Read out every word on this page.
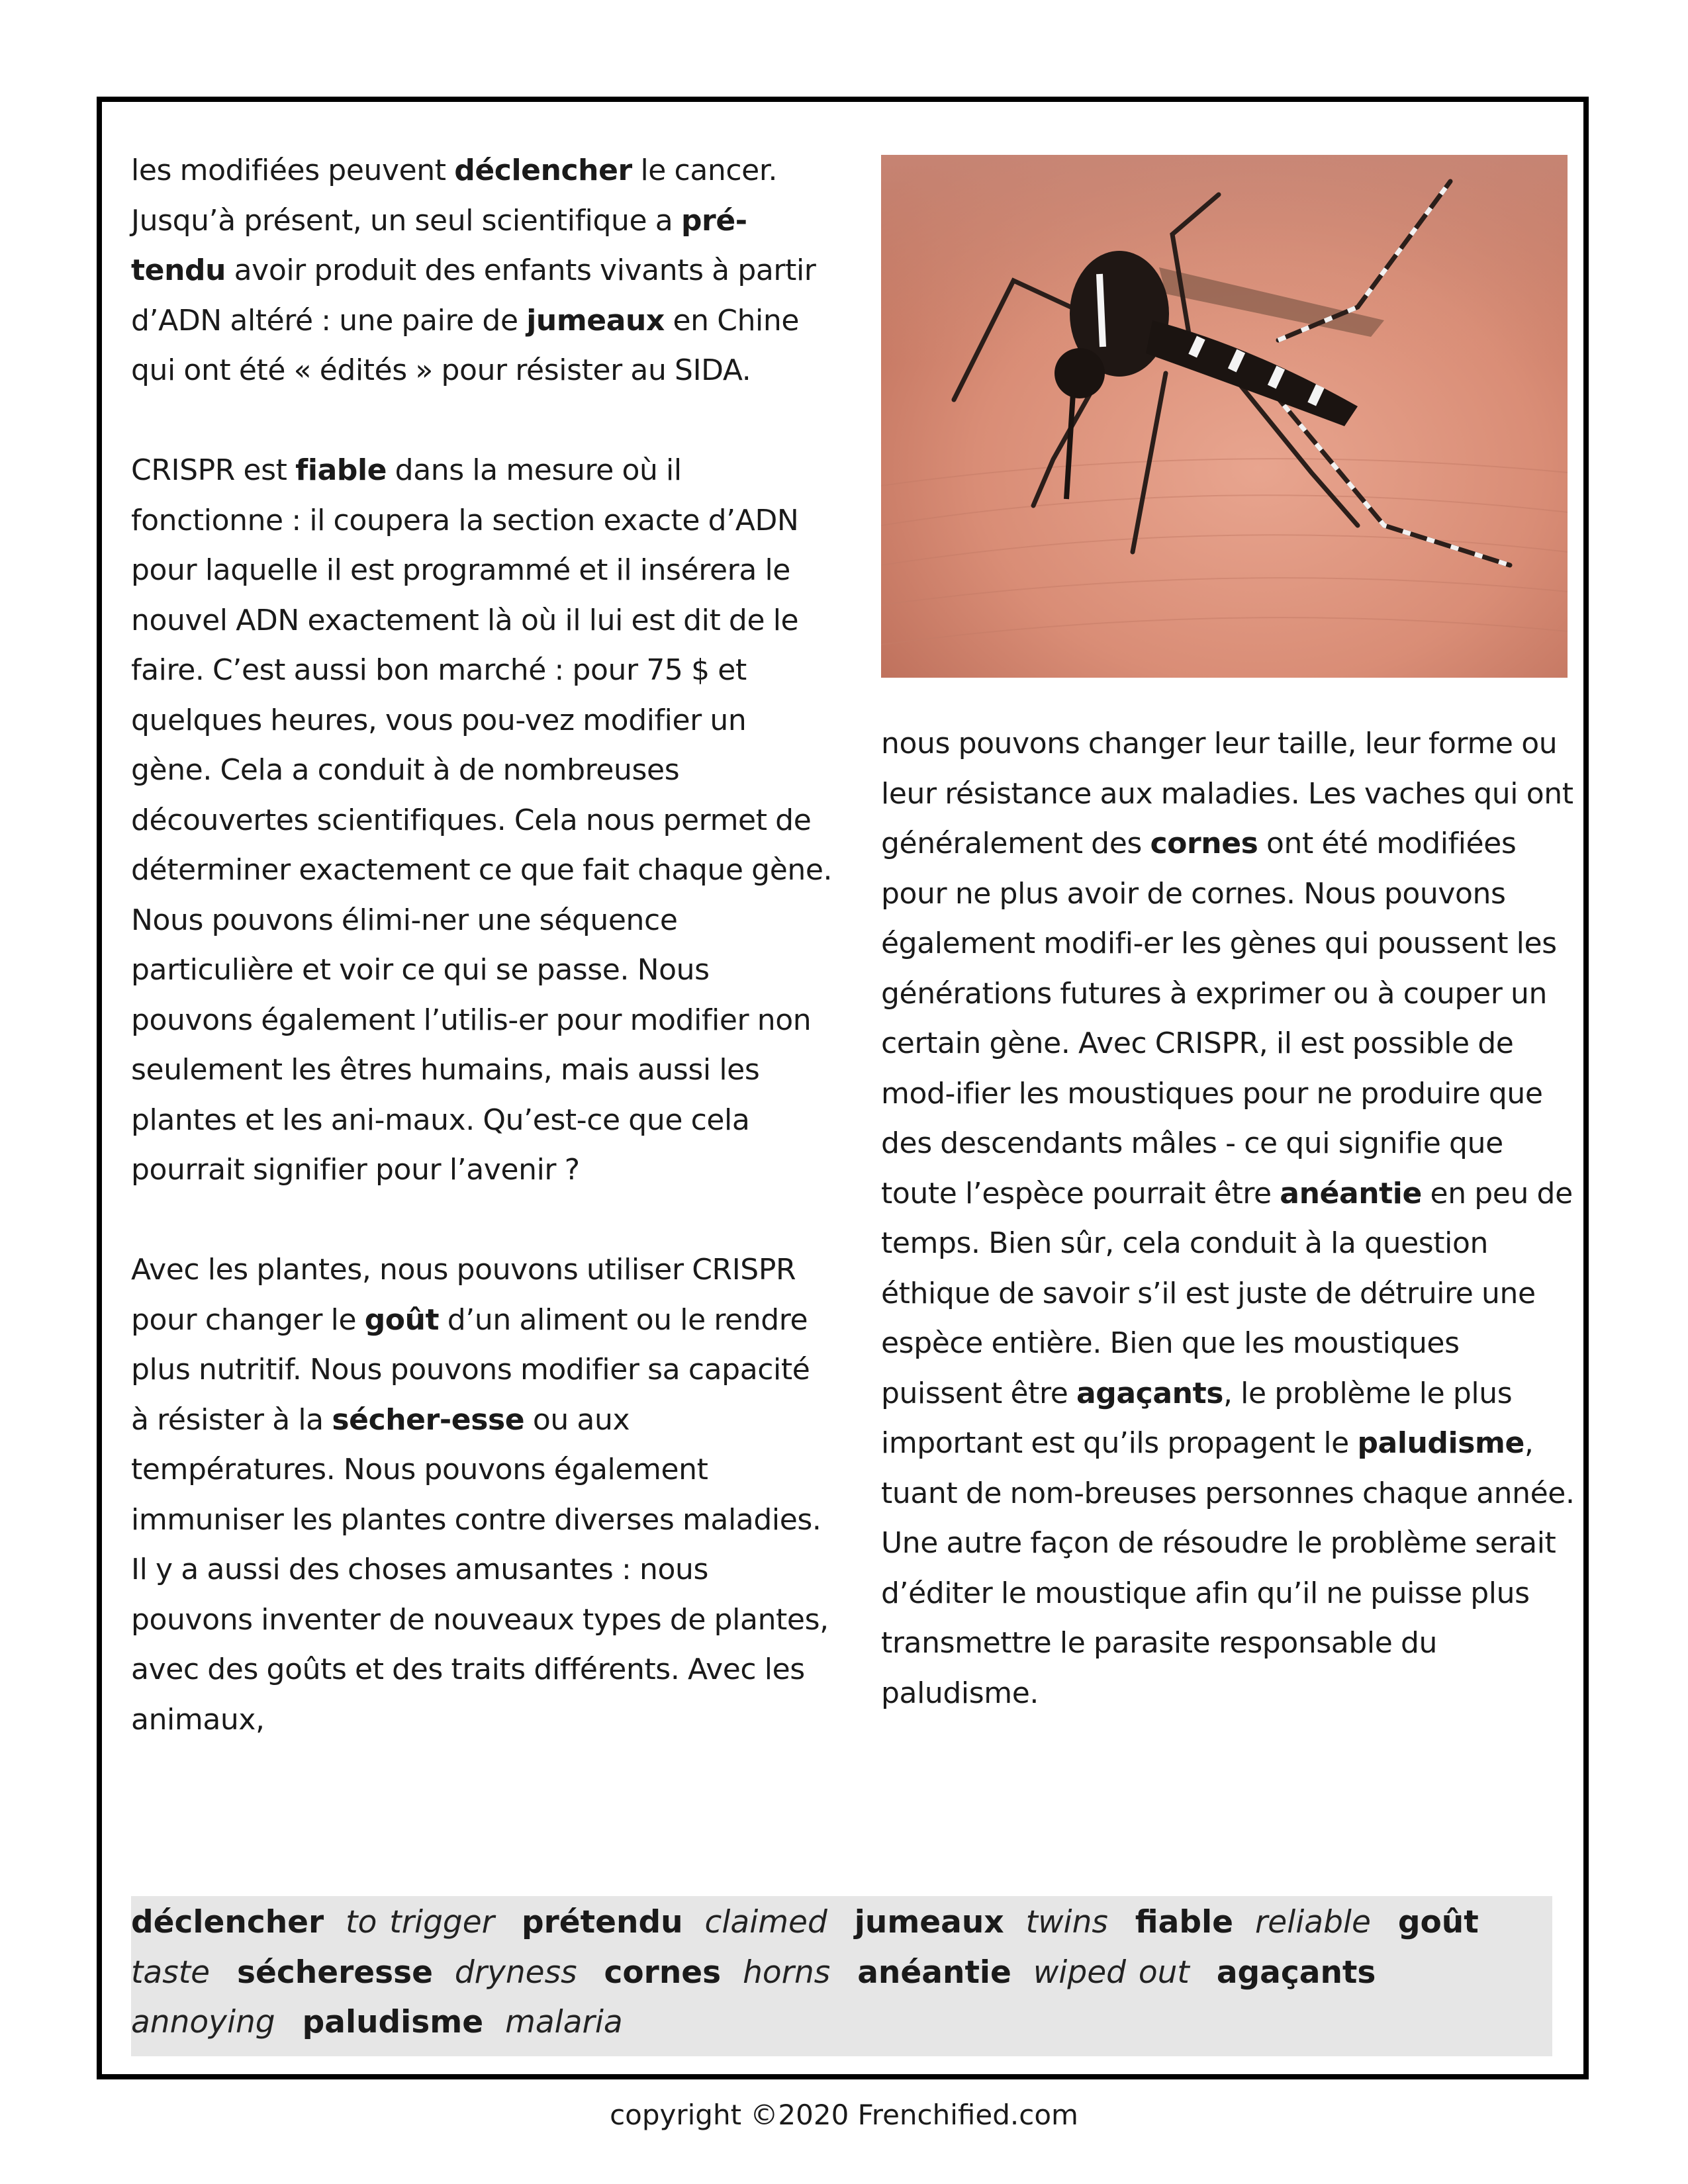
les modifiées peuvent déclencher le cancer. Jusqu’à présent, un seul scientifique a pré-tendu avoir produit des enfants vivants à partir d’ADN altéré : une paire de jumeaux en Chine qui ont été « édités » pour résister au SIDA.

CRISPR est fiable dans la mesure où il fonctionne : il coupera la section exacte d’ADN pour laquelle il est programmé et il insérera le nouvel ADN exactement là où il lui est dit de le faire. C’est aussi bon marché : pour 75 $ et quelques heures, vous pou-vez modifier un gène. Cela a conduit à de nombreuses découvertes scientifiques. Cela nous permet de déterminer exactement ce que fait chaque gène. Nous pouvons élimi-ner une séquence particulière et voir ce qui se passe. Nous pouvons également l’utilis-er pour modifier non seulement les êtres humains, mais aussi les plantes et les ani-maux. Qu’est-ce que cela pourrait signifier pour l’avenir ?

Avec les plantes, nous pouvons utiliser CRISPR pour changer le goût d’un aliment ou le rendre plus nutritif. Nous pouvons modifier sa capacité à résister à la sécher-esse ou aux températures. Nous pouvons également immuniser les plantes contre diverses maladies. Il y a aussi des choses amusantes : nous pouvons inventer de nouveaux types de plantes, avec des goûts et des traits différents. Avec les animaux,

nous pouvons changer leur taille, leur forme ou leur résistance aux maladies. Les vaches qui ont généralement des cornes ont été modifiées pour ne plus avoir de cornes. Nous pouvons également modifi-er les gènes qui poussent les générations futures à exprimer ou à couper un certain gène. Avec CRISPR, il est possible de mod-ifier les moustiques pour ne produire que des descendants mâles - ce qui signifie que toute l’espèce pourrait être anéantie en peu de temps. Bien sûr, cela conduit à la question éthique de savoir s’il est juste de détruire une espèce entière. Bien que les moustiques puissent être agaçants, le problème le plus important est qu’ils propagent le paludisme, tuant de nom-breuses personnes chaque année. Une autre façon de résoudre le problème serait d’éditer le moustique afin qu’il ne puisse plus transmettre le parasite responsable du paludisme.

déclencher to trigger prétendu claimed jumeaux twins fiable reliable goût taste sécheresse dryness cornes horns anéantie wiped out agaçants annoying paludisme malaria
copyright ©2020 Frenchified.com
